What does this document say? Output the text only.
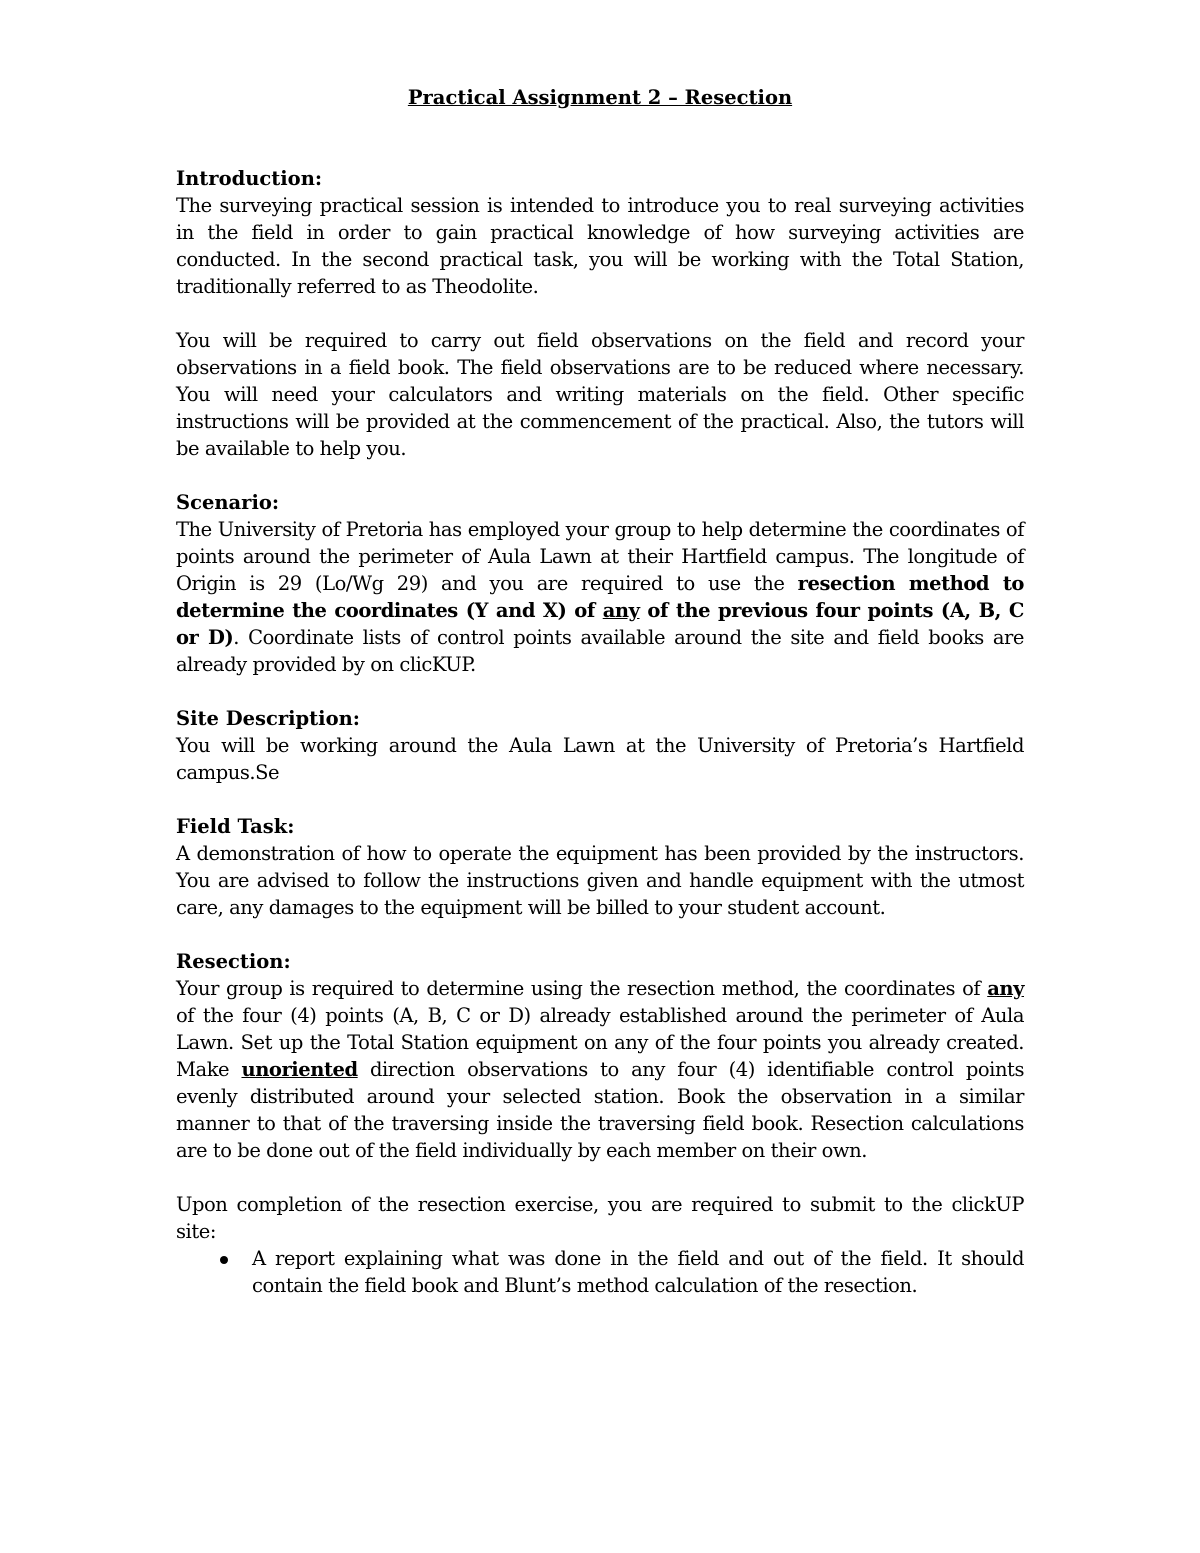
Practical Assignment 2 – Resection

Introduction:

The surveying practical session is intended to introduce you to real surveying activities in the field in order to gain practical knowledge of how surveying activities are conducted. In the second practical task, you will be working with the Total Station, traditionally referred to as Theodolite.

You will be required to carry out field observations on the field and record your observations in a field book. The field observations are to be reduced where necessary. You will need your calculators and writing materials on the field. Other specific instructions will be provided at the commencement of the practical. Also, the tutors will be available to help you.

Scenario:

The University of Pretoria has employed your group to help determine the coordinates of points around the perimeter of Aula Lawn at their Hartfield campus. The longitude of Origin is 29 (Lo/Wg 29) and you are required to use the resection method to determine the coordinates (Y and X) of any of the previous four points (A, B, C or D). Coordinate lists of control points available around the site and field books are already provided by on clicKUP.

Site Description:

You will be working around the Aula Lawn at the University of Pretoria’s Hartfield campus.Se

Field Task:

A demonstration of how to operate the equipment has been provided by the instructors. You are advised to follow the instructions given and handle equipment with the utmost care, any damages to the equipment will be billed to your student account.

Resection:

Your group is required to determine using the resection method, the coordinates of any of the four (4) points (A, B, C or D) already established around the perimeter of Aula Lawn. Set up the Total Station equipment on any of the four points you already created. Make unoriented direction observations to any four (4) identifiable control points evenly distributed around your selected station. Book the observation in a similar manner to that of the traversing inside the traversing field book. Resection calculations are to be done out of the field individually by each member on their own.

Upon completion of the resection exercise, you are required to submit to the clickUP site:

A report explaining what was done in the field and out of the field. It should contain the field book and Blunt’s method calculation of the resection.
